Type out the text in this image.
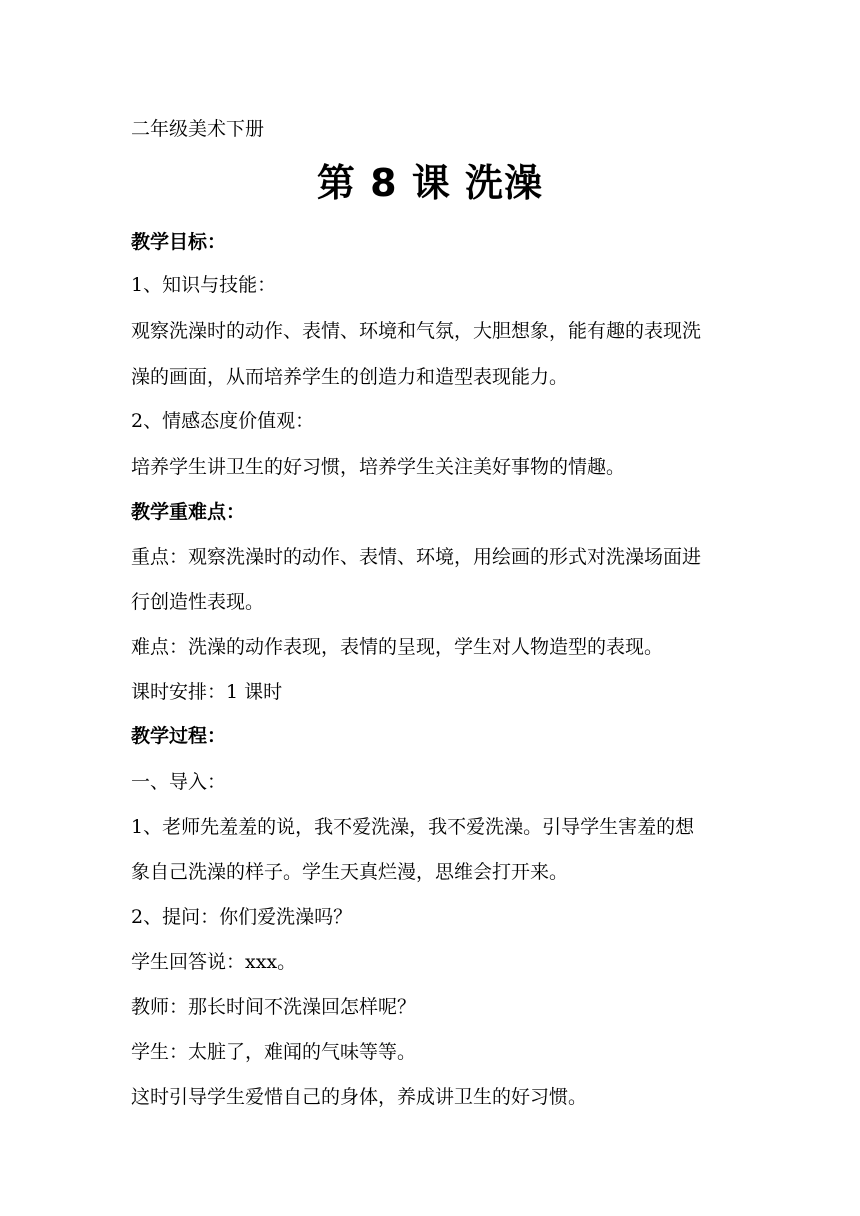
二年级美术下册
第 8 课 洗澡
教学目标：
1、知识与技能：
观察洗澡时的动作、表情、环境和气氛，大胆想象，能有趣的表现洗
澡的画面，从而培养学生的创造力和造型表现能力。
2、情感态度价值观：
培养学生讲卫生的好习惯，培养学生关注美好事物的情趣。
教学重难点：
重点：观察洗澡时的动作、表情、环境，用绘画的形式对洗澡场面进
行创造性表现。
难点：洗澡的动作表现，表情的呈现，学生对人物造型的表现。
课时安排：1 课时
教学过程：
一、导入：
1、老师先羞羞的说，我不爱洗澡，我不爱洗澡。引导学生害羞的想
象自己洗澡的样子。学生天真烂漫，思维会打开来。
2、提问：你们爱洗澡吗？
学生回答说：xxx。
教师：那长时间不洗澡回怎样呢？
学生：太脏了，难闻的气味等等。
这时引导学生爱惜自己的身体，养成讲卫生的好习惯。
